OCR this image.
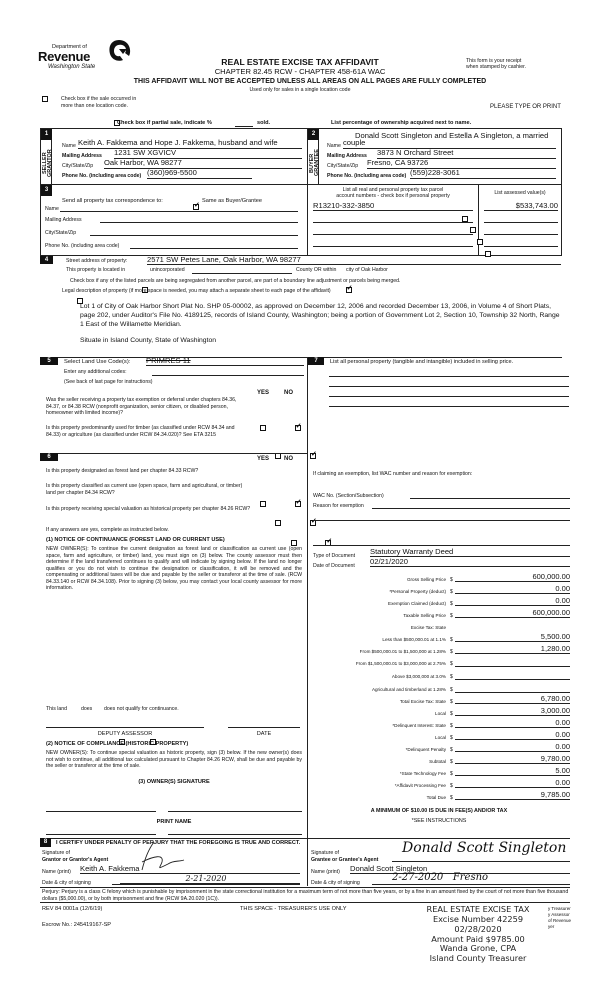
Department of
Revenue
Washington State	REAL ESTATE EXCISE TAX AFFIDAVIT
CHAPTER 82.45 RCW - CHAPTER 458-61A WAC
This form is your receipt
when stamped by cashier.
THIS AFFIDAVIT WILL NOT BE ACCEPTED UNLESS ALL AREAS ON ALL PAGES ARE FULLY COMPLETED
Used only for sales in a single location code

Check box if the sale occurred in
more than one location code.	PLEASE TYPE OR PRINT
Check box if partial sale, indicate %	sold.	List percentage of ownership acquired next to name.
1
SELLER GRANTOR
Name Keith A. Fakkema and Hope J. Fakkema, husband and wife
Mailing Address 1231 SW XGVICV
City/State/Zip Oak Harbor, WA 98277
Phone No. (including area code) (360)969-5500
2
BUYER GRANTEE
Donald Scott Singleton and Estella A Singleton, a married
Name couple
Mailing Address 3873 N Orchard Street
City/State/Zip Fresno, CA 93726
Phone No. (including area code) (559)228-3061
3
Send all property tax correspondence to:
✓	Same as Buyer/Grantee
Name
Mailing Address
City/State/Zip
Phone No. (including area code)
List all real and personal property tax parcel
account numbers - check box if personal property	List assessed value(s)
R13210-332-3850
	$533,743.00

4	Street address of property:	2571 SW Petes Lane, Oak Harbor, WA 98277
This property is located in
	unincorporated	County OR within
✓ city of Oak Harbor
Check box if any of the listed parcels are being segregated from another parcel, are part of a boundary line adjustment or parcels being merged.
Legal description of property (if more space is needed, you may attach a separate sheet to each page of the affidavit)
Lot 1 of City of Oak Harbor Short Plat No. SHP 05-00002, as approved on December 12, 2006 and recorded December 13, 2006, in Volume 4 of Short Plats, page 202, under Auditor's File No. 4189125, records of Island County, Washington; being a portion of Government Lot 2, Section 10, Township 32 North, Range 1 East of the Willamette Meridian.
Situate in Island County, State of Washington
5	Select Land Use Code(s): PRIMRES 11
Enter any additional codes:
(See back of last page for instructions)
YES NO
Was the seller receiving a property tax exemption or deferral under chapters 84.36, 84.37, or 84.38 RCW (nonprofit organization, senior citizen, or disabled person, homeowner with limited income)?
✓
Is this property predominantly used for timber (as classified under RCW 84.34 and 84.33) or agriculture (as classified under RCW 84.34.020)? See ETA 3215
✓
6	YES NO
Is this property designated as forest land per chapter 84.33 RCW?
✓
Is this property classified as current use (open space, farm and agricultural, or timber) land per chapter 84.34 RCW?
✓
Is this property receiving special valuation as historical property per chapter 84.26 RCW?
✓
If any answers are yes, complete as instructed below.
(1) NOTICE OF CONTINUANCE (FOREST LAND OR CURRENT USE)
NEW OWNER(S): To continue the current designation as forest land or classification as current use (open space, farm and agriculture, or timber) land, you must sign on (3) below. The county assessor must then determine if the land transferred continues to qualify and will indicate by signing below. If the land no longer qualifies or you do not wish to continue the designation or classification, it will be removed and the compensating or additional taxes will be due and payable by the seller or transferor at the time of sale. (RCW 84.33.140 or RCW 84.34.108). Prior to signing (3) below, you may contact your local county assessor for more information.
This land
	does does not qualify for continuance.
DEPUTY ASSESSOR	DATE
(2) NOTICE OF COMPLIANCE (HISTORIC PROPERTY)
NEW OWNER(S): To continue special valuation as historic property, sign (3) below. If the new owner(s) does not wish to continue, all additional tax calculated pursuant to Chapter 84.26 RCW, shall be due and payable by the seller or transferor at the time of sale.
(3) OWNER(S) SIGNATURE
PRINT NAME
7	List all personal property (tangible and intangible) included in selling price.
If claiming an exemption, list WAC number and reason for exemption:
WAC No. (Section/Subsection)
Reason for exemption
Type of Document Statutory Warranty Deed
Date of Document 02/21/2020
Gross Selling Price $	600,000.00
*Personal Property (deduct) $	0.00
Exemption Claimed (deduct) $	0.00
Taxable Selling Price $	600,000.00
Excise Tax: State
Less than $500,000.01 at 1.1% $	5,500.00
From $500,000.01 to $1,500,000 at 1.28% $	1,280.00
From $1,500,000.01 to $3,000,000 at 2.75% $
Above $3,000,000 at 3.0% $
Agricultural and timberland at 1.28% $
Total Excise Tax: State $	6,780.00
Local $	3,000.00
*Delinquent Interest: State $	0.00
Local $	0.00
*Delinquent Penalty $	0.00
Subtotal $	9,780.00
*State Technology Fee $	5.00
*Affidavit Processing Fee $	0.00
Total Due $	9,785.00
A MINIMUM OF $10.00 IS DUE IN FEE(S) AND/OR TAX
*SEE INSTRUCTIONS
8	I CERTIFY UNDER PENALTY OF PERJURY THAT THE FOREGOING IS TRUE AND CORRECT.
Signature of
Grantor or Grantor's Agent
Name (print) Keith A. Fakkema
Date & city of signing	2-21-2020
Signature of
Grantee or Grantee's Agent
Donald Scott Singleton
Name (print) Donald Scott Singleton
Date & city of signing	2-27-2020   Fresno
Perjury: Perjury is a class C felony which is punishable by imprisonment in the state correctional institution for a maximum term of not more than five years, or by a fine in an amount fixed by the court of not more than five thousand dollars ($5,000.00), or by both imprisonment and fine (RCW 9A.20.020 (1C)).
REV 84 0001a (12/6/19)	THIS SPACE - TREASURER'S USE ONLY
Escrow No.: 245419167-SP
y Treasurer
y Assessor
of Revenue
yer
REAL ESTATE EXCISE TAX
Excise Number 42259
02/28/2020
Amount Paid $9785.00
Wanda Grone, CPA
Island County Treasurer
